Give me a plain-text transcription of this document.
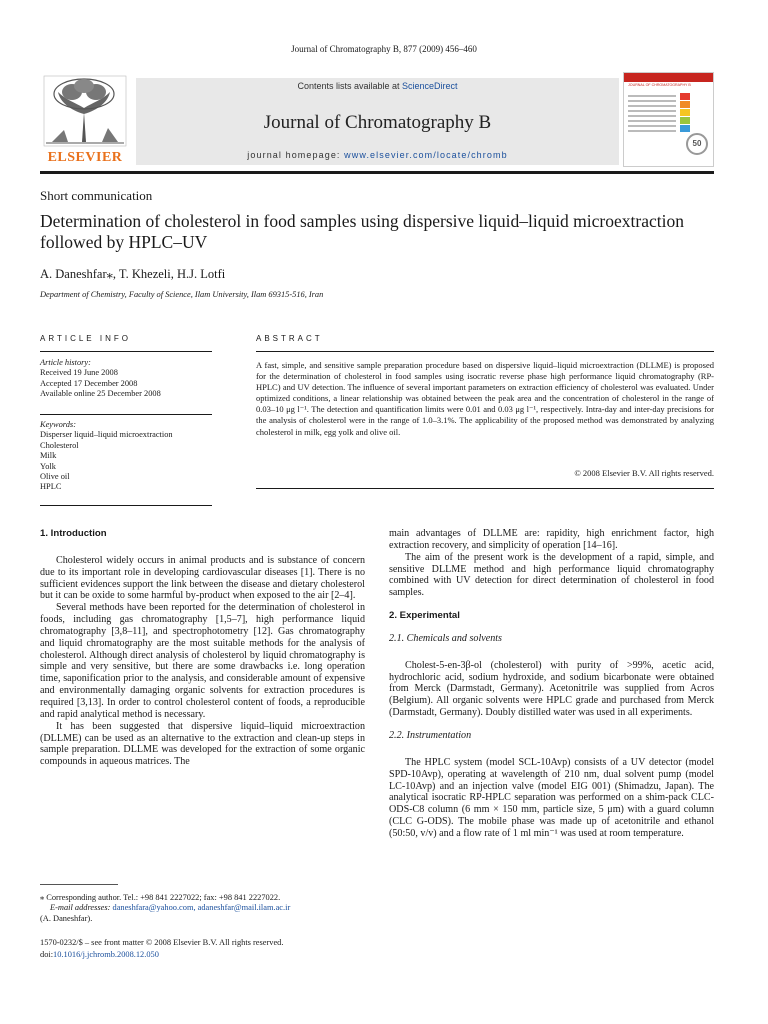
Journal of Chromatography B, 877 (2009) 456–460
ELSEVIER
Contents lists available at ScienceDirect
Journal of Chromatography B
journal homepage: www.elsevier.com/locate/chromb
JOURNAL OF CHROMATOGRAPHY B
50
Short communication
Determination of cholesterol in food samples using dispersive liquid–liquid microextraction followed by HPLC–UV
A. Daneshfar⁎, T. Khezeli, H.J. Lotfi
Department of Chemistry, Faculty of Science, Ilam University, Ilam 69315-516, Iran
ARTICLE INFO	ABSTRACT
Article history:
Received 19 June 2008
Accepted 17 December 2008
Available online 25 December 2008
Keywords:
Disperser liquid–liquid microextraction
Cholesterol
Milk
Yolk
Olive oil
HPLC
A fast, simple, and sensitive sample preparation procedure based on dispersive liquid–liquid microextraction (DLLME) is proposed for the determination of cholesterol in food samples using isocratic reverse phase high performance liquid chromatography (RP-HPLC) and UV detection. The influence of several important parameters on extraction efficiency of cholesterol was evaluated. Under optimized conditions, a linear relationship was obtained between the peak area and the concentration of cholesterol in the range of 0.03–10 μg l⁻¹. The detection and quantification limits were 0.01 and 0.03 μg l⁻¹, respectively. Intra-day and inter-day precisions for the analysis of cholesterol were in the range of 1.0–3.1%. The applicability of the proposed method was demonstrated by analyzing cholesterol in milk, egg yolk and olive oil.
© 2008 Elsevier B.V. All rights reserved.
1. Introduction

Cholesterol widely occurs in animal products and is substance of concern due to its important role in developing cardiovascular diseases [1]. There is no sufficient evidences support the link between the disease and dietary cholesterol but it can be oxide to some harmful by-product when exposed to the air [2–4].

Several methods have been reported for the determination of cholesterol in foods, including gas chromatography [1,5–7], high performance liquid chromatography [3,8–11], and spectrophotometry [12]. Gas chromatography and liquid chromatography are the most suitable methods for the analysis of cholesterol. Although direct analysis of cholesterol by liquid chromatography is simple and very sensitive, but there are some drawbacks i.e. long operation time, saponification prior to the analysis, and considerable amount of expensive and environmentally damaging organic solvents for extraction procedures is required [3,13]. In order to control cholesterol content of foods, a reproducible and rapid analytical method is necessary.

It has been suggested that dispersive liquid–liquid microextraction (DLLME) can be used as an alternative to the extraction and clean-up steps in sample preparation. DLLME was developed for the extraction of some organic compounds in aqueous matrices. The

main advantages of DLLME are: rapidity, high enrichment factor, high extraction recovery, and simplicity of operation [14–16].

The aim of the present work is the development of a rapid, simple, and sensitive DLLME method and high performance liquid chromatography combined with UV detection for direct determination of cholesterol in food samples.

2. Experimental
2.1. Chemicals and solvents

Cholest-5-en-3β-ol (cholesterol) with purity of >99%, acetic acid, hydrochloric acid, sodium hydroxide, and sodium bicarbonate were obtained from Merck (Darmstadt, Germany). Acetonitrile was supplied from Acros (Belgium). All organic solvents were HPLC grade and purchased from Merck (Darmstadt, Germany). Doubly distilled water was used in all experiments.

2.2. Instrumentation

The HPLC system (model SCL-10Avp) consists of a UV detector (model SPD-10Avp), operating at wavelength of 210 nm, dual solvent pump (model LC-10Avp) and an injection valve (model EIG 001) (Shimadzu, Japan). The analytical isocratic RP-HPLC separation was performed on a shim-pack CLC-ODS-C8 column (6 mm × 150 mm, particle size, 5 μm) with a guard column (CLC G-ODS). The mobile phase was made up of acetonitrile and ethanol (50:50, v/v) and a flow rate of 1 ml min⁻¹ was used at room temperature.

⁎ Corresponding author. Tel.: +98 841 2227022; fax: +98 841 2227022.
E-mail addresses: daneshfara@yahoo.com, adaneshfar@mail.ilam.ac.ir
(A. Daneshfar).
1570-0232/$ – see front matter © 2008 Elsevier B.V. All rights reserved.
doi:10.1016/j.jchromb.2008.12.050
